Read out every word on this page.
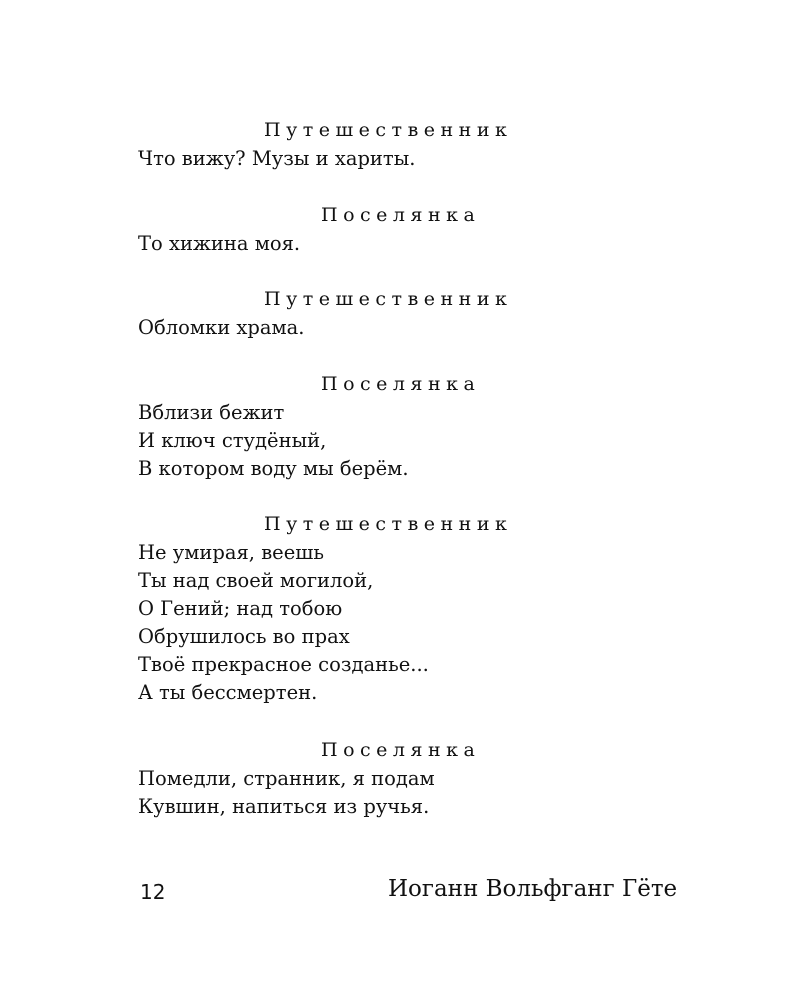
Путешественник
Что вижу? Музы и хариты.
Поселянка
То хижина моя.
Путешественник
Обломки храма.
Поселянка
Вблизи бежит
И ключ студёный,
В котором воду мы берём.
Путешественник
Не умирая, веешь
Ты над своей могилой,
О Гений; над тобою
Обрушилось во прах
Твоё прекрасное созданье...
А ты бессмертен.
Поселянка
Помедли, странник, я подам
Кувшин, напиться из ручья.
12	Иоганн Вольфганг Гёте
